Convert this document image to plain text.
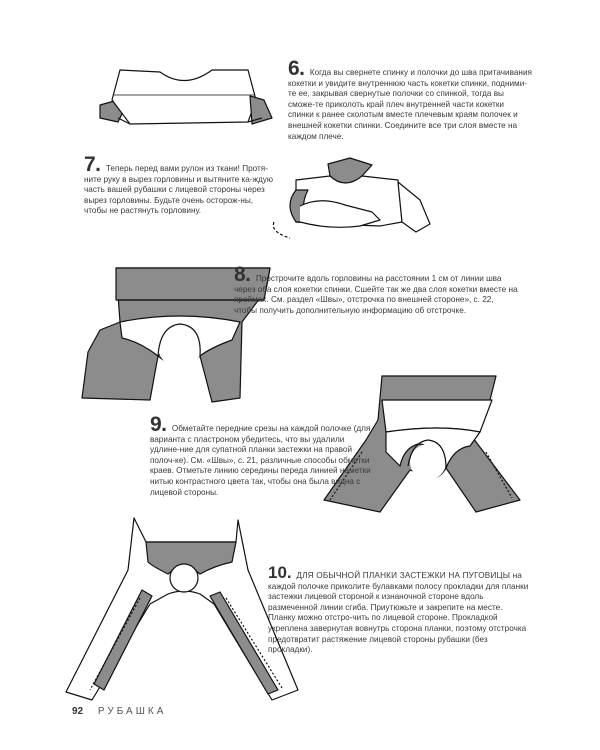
6. Когда вы свернете спинку и полочки до шва притачивания кокетки и увидите внутреннюю часть кокетки спинки, подними-те ее, закрывая свернутые полочки со спинкой, тогда вы сможе-те приколоть край плеч внутренней части кокетки спинки к ранее сколотым вместе плечевым краям полочек и внешней кокетки спинки. Соедините все три слоя вместе на каждом плече.
7. Теперь перед вами рулон из ткани! Протя-ните руку в вырез горловины и вытяните ка-ждую часть вашей рубашки с лицевой стороны через вырез горловины. Будьте очень осторож-ны, чтобы не растянуть горловину.
8. Прострочите вдоль горловины на расстоянии 1 см от линии шва через оба слоя кокетки спинки. Сшейте так же два слоя кокетки вместе на проймах. См. раздел «Швы», отстрочка по внешней стороне», с. 22, чтобы получить дополнительную информацию об отстрочке.
9. Обметайте передние срезы на каждой полочке (для варианта с пластроном убедитесь, что вы удалили удлине-ние для супатной планки застежки на правой полоч-ке). См. «Швы», с. 21, различные способы обметки краев. Отметьте линию середины переда линией наметки нитью контрастного цвета так, чтобы она была видна с лицевой стороны.
10. ДЛЯ ОБЫЧНОЙ ПЛАНКИ ЗАСТЕЖКИ НА ПУГОВИЦЫ на каждой полочке приколите булавками полосу прокладки для планки застежки лицевой стороной к изнаночной стороне вдоль размеченной линии сгиба. Приутюжьте и закрепите на месте. Планку можно отстро-чить по лицевой стороне. Прокладкой укреплена завернутая вовнутрь сторона планки, поэтому отстрочка предотвратит растяжение лицевой стороны рубашки (без прокладки).
92 РУБАШКА
